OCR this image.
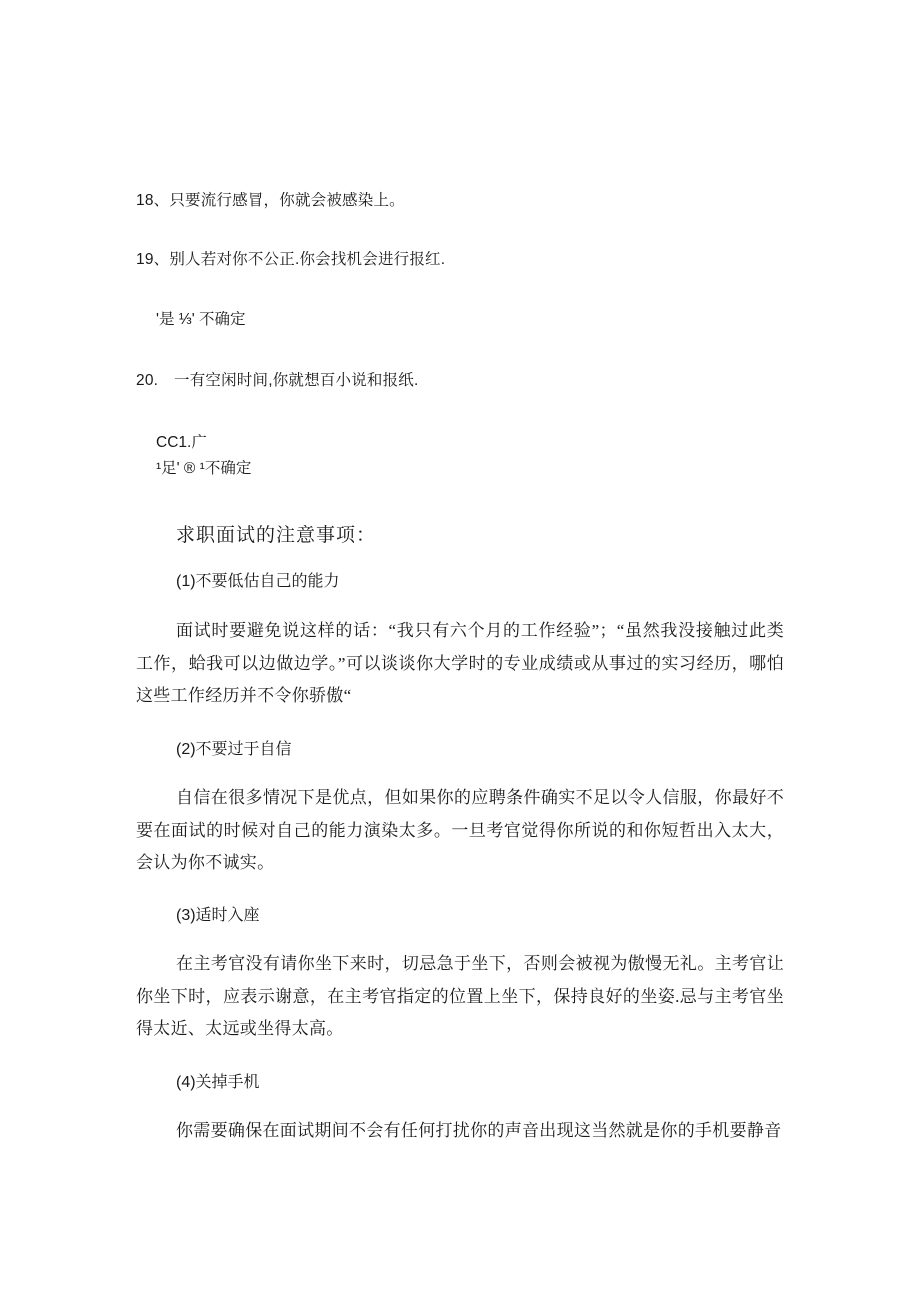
18、只要流行感冒，你就会被感染上。
19、别人若对你不公正.你会找机会进行报红.
'是 ⅓' 不确定
20. 一有空闲时间,你就想百小说和报纸.
CC1.广
¹足' ® ¹不确定
求职面试的注意事项：
(1)不要低估自己的能力
面试时要避免说这样的话：“我只有六个月的工作经验”；“虽然我没接触过此类工作，蛤我可以边做边学。”可以谈谈你大学时的专业成绩或从事过的实习经历，哪怕这些工作经历并不令你骄傲“
(2)不要过于自信
自信在很多情况下是优点，但如果你的应聘条件确实不足以令人信服，你最好不要在面试的时候对自己的能力演染太多。一旦考官觉得你所说的和你短哲出入太大，会认为你不诚实。
(3)适时入座
在主考官没有请你坐下来时，切忌急于坐下，否则会被视为傲慢无礼。主考官让你坐下时，应表示谢意，在主考官指定的位置上坐下，保持良好的坐姿.忌与主考官坐得太近、太远或坐得太高。
(4)关掉手机
你需要确保在面试期间不会有任何打扰你的声音出现这当然就是你的手机要静音
